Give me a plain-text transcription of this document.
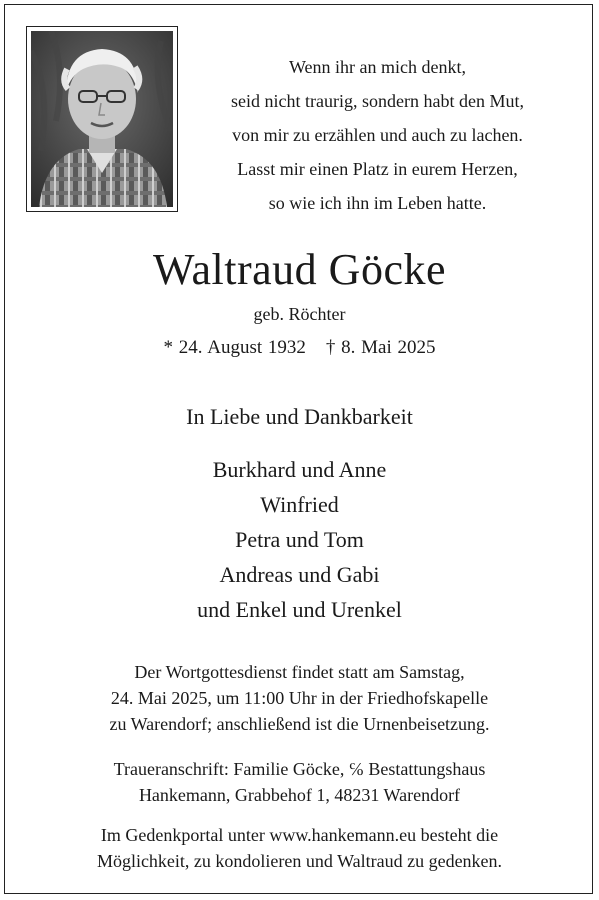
Wenn ihr an mich denkt,
seid nicht traurig, sondern habt den Mut,
von mir zu erzählen und auch zu lachen.
Lasst mir einen Platz in eurem Herzen,
so wie ich ihn im Leben hatte.
Waltraud Göcke
geb. Röchter
* 24. August 1932 † 8. Mai 2025
In Liebe und Dankbarkeit
Burkhard und Anne
Winfried
Petra und Tom
Andreas und Gabi
und Enkel und Urenkel
Der Wortgottesdienst findet statt am Samstag,
24. Mai 2025, um 11:00 Uhr in der Friedhofskapelle
zu Warendorf; anschließend ist die Urnenbeisetzung.
Traueranschrift: Familie Göcke, ℅ Bestattungshaus
Hankemann, Grabbehof 1, 48231 Warendorf
Im Gedenkportal unter www.hankemann.eu besteht die
Möglichkeit, zu kondolieren und Waltraud zu gedenken.
